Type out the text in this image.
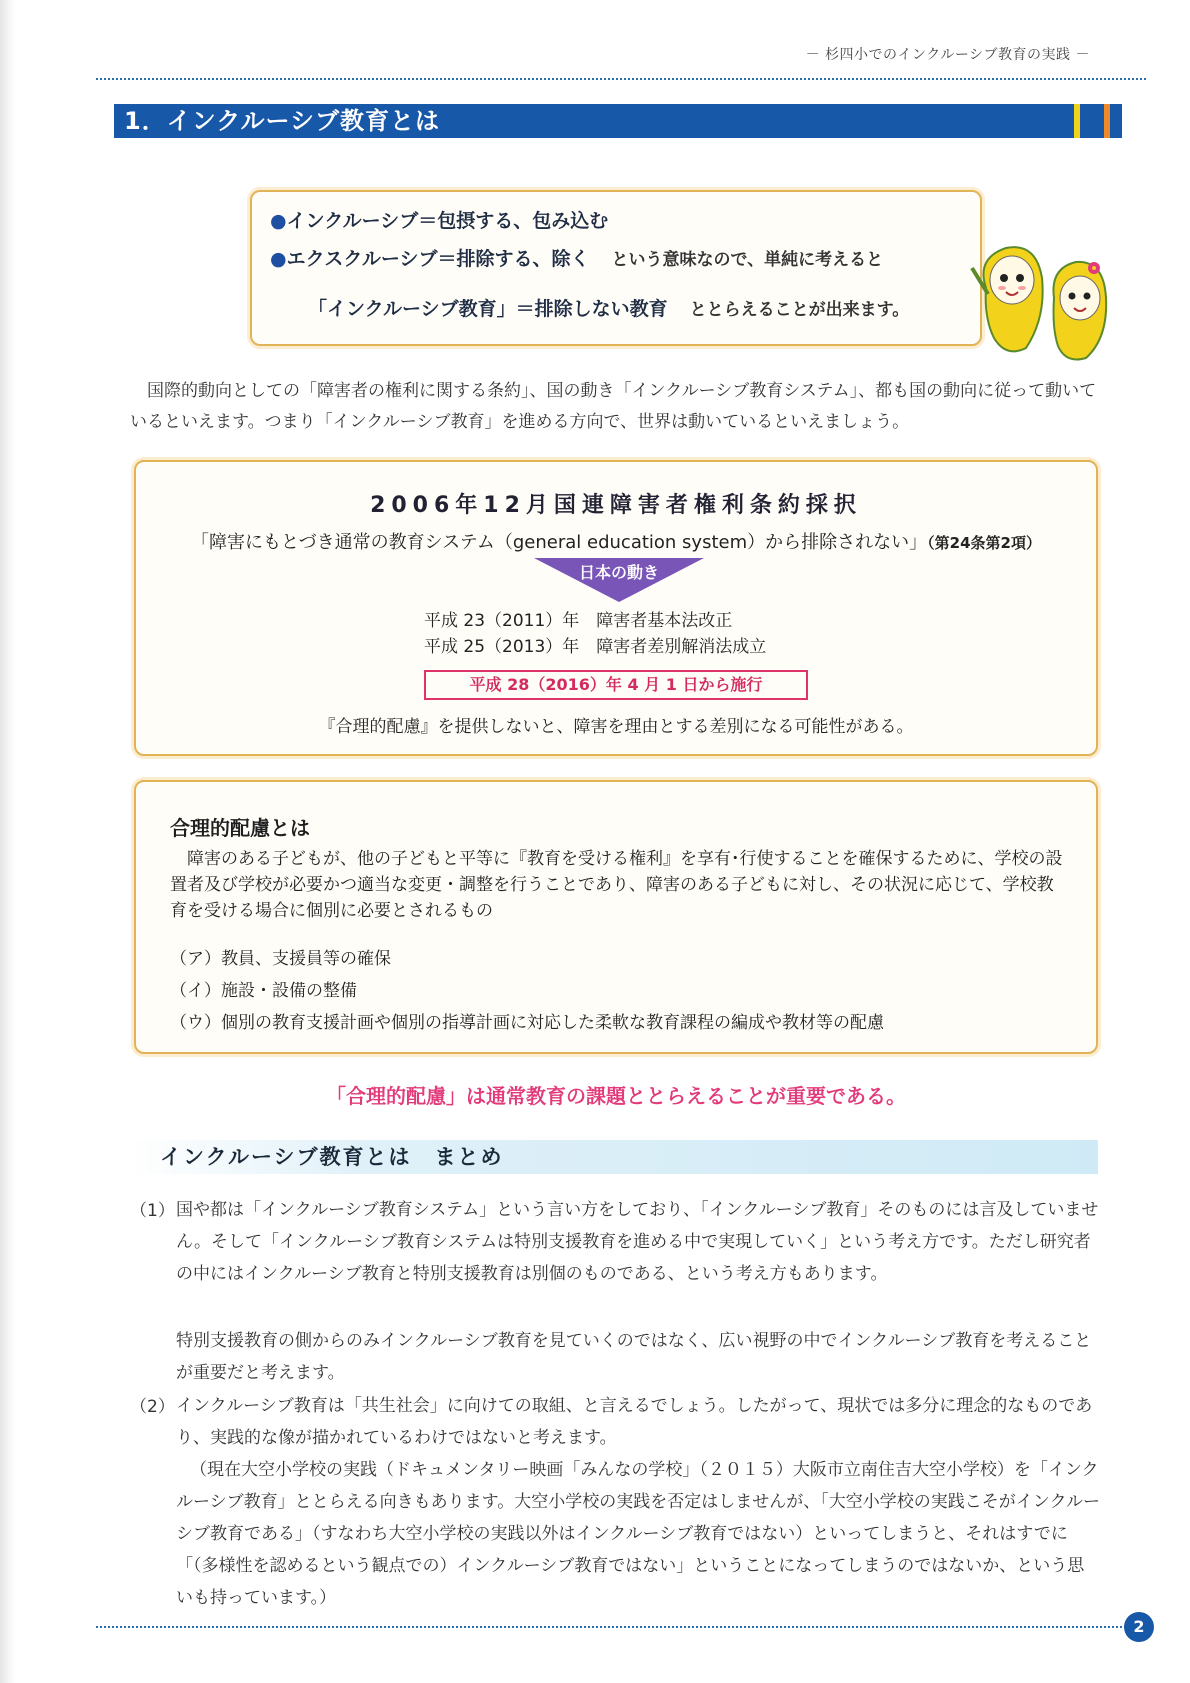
－ 杉四小でのインクルーシブ教育の実践 －
1．インクルーシブ教育とは
●インクルーシブ＝包摂する、包み込む
●エクスクルーシブ＝排除する、除く という意味なので、単純に考えると
「インクルーシブ教育」＝排除しない教育 ととらえることが出来ます。
国際的動向としての「障害者の権利に関する条約」、国の動き「インクルーシブ教育システム」、都も国の動向に従って動いているといえます。つまり「インクルーシブ教育」を進める方向で、世界は動いているといえましょう。
2006年12月国連障害者権利条約採択
「障害にもとづき通常の教育システム（general education system）から排除されない」（第24条第2項）
日本の動き
平成 23（2011）年　障害者基本法改正
平成 25（2013）年　障害者差別解消法成立
平成 28（2016）年 4 月 1 日から施行
『合理的配慮』を提供しないと、障害を理由とする差別になる可能性がある。
合理的配慮とは
　障害のある子どもが、他の子どもと平等に『教育を受ける権利』を享有･行使することを確保するために、学校の設置者及び学校が必要かつ適当な変更・調整を行うことであり、障害のある子どもに対し、その状況に応じて、学校教育を受ける場合に個別に必要とされるもの
（ア）教員、支援員等の確保
（イ）施設・設備の整備
（ウ）個別の教育支援計画や個別の指導計画に対応した柔軟な教育課程の編成や教材等の配慮
「合理的配慮」は通常教育の課題ととらえることが重要である。
インクルーシブ教育とは　まとめ
（1） 国や都は「インクルーシブ教育システム」という言い方をしており、「インクルーシブ教育」そのものには言及していません。そして「インクルーシブ教育システムは特別支援教育を進める中で実現していく」という考え方です。ただし研究者の中にはインクルーシブ教育と特別支援教育は別個のものである、という考え方もあります。
特別支援教育の側からのみインクルーシブ教育を見ていくのではなく、広い視野の中でインクルーシブ教育を考えることが重要だと考えます。
（2） インクルーシブ教育は「共生社会」に向けての取組、と言えるでしょう。したがって、現状では多分に理念的なものであり、実践的な像が描かれているわけではないと考えます。
（現在大空小学校の実践（ドキュメンタリー映画「みんなの学校」（２０１５）大阪市立南住吉大空小学校）を「インクルーシブ教育」ととらえる向きもあります。大空小学校の実践を否定はしませんが、「大空小学校の実践こそがインクルーシブ教育である」（すなわち大空小学校の実践以外はインクルーシブ教育ではない）といってしまうと、それはすでに「（多様性を認めるという観点での）インクルーシブ教育ではない」ということになってしまうのではないか、という思いも持っています。）
2
